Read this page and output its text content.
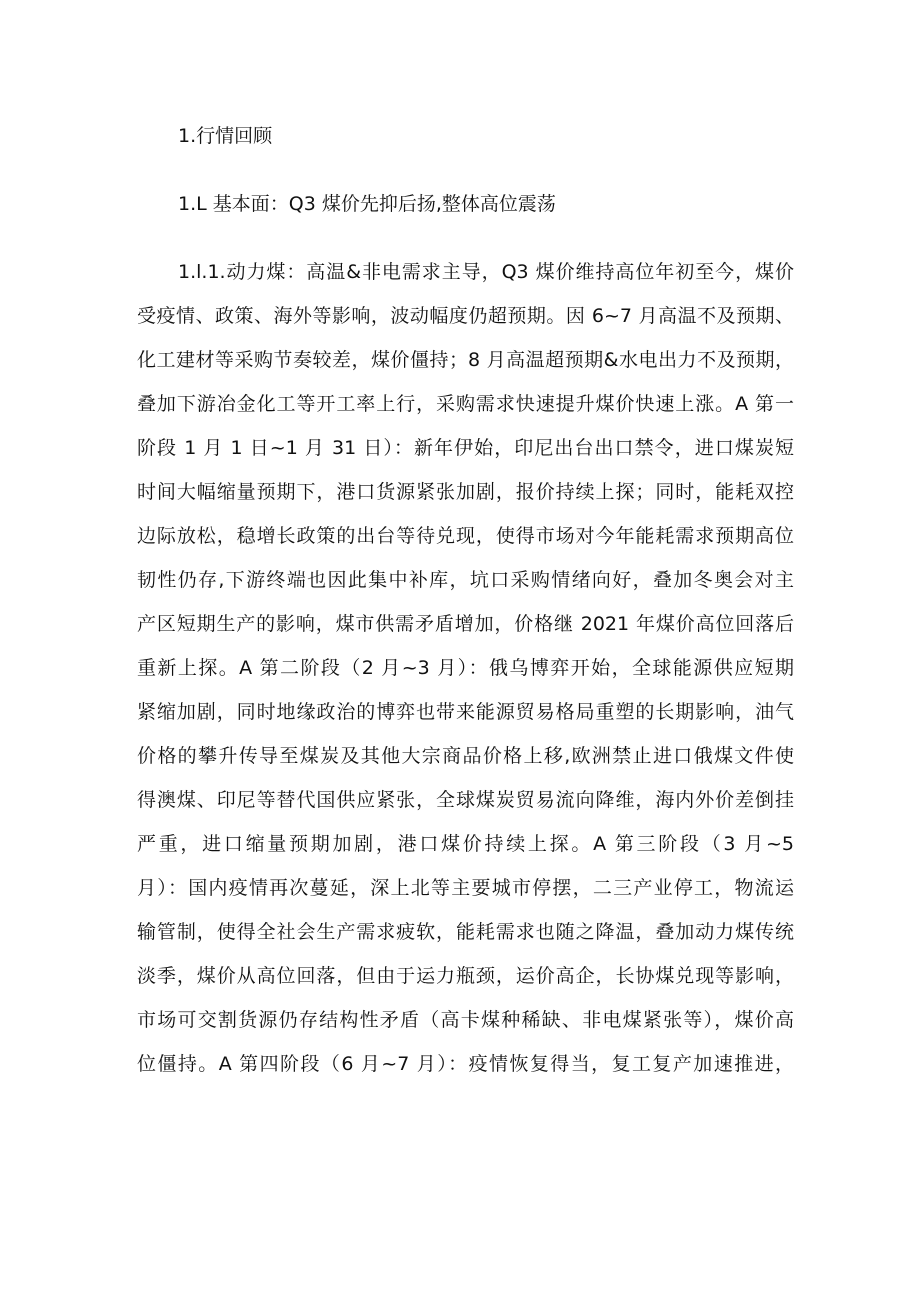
1.行情回顾
1.L 基本面：Q3 煤价先抑后扬,整体高位震荡
1.l.1.动力煤：高温&非电需求主导，Q3 煤价维持高位年初至今，煤价
受疫情、政策、海外等影响，波动幅度仍超预期。因 6~7 月高温不及预期、
化工建材等采购节奏较差，煤价僵持；8 月高温超预期&水电出力不及预期，
叠加下游冶金化工等开工率上行，采购需求快速提升煤价快速上涨。A 第一
阶段 1 月 1 日~1 月 31 日）：新年伊始，印尼出台出口禁令，进口煤炭短
时间大幅缩量预期下，港口货源紧张加剧，报价持续上探；同时，能耗双控
边际放松，稳增长政策的出台等待兑现，使得市场对今年能耗需求预期高位
韧性仍存,下游终端也因此集中补库，坑口采购情绪向好，叠加冬奥会对主
产区短期生产的影响，煤市供需矛盾增加，价格继 2021 年煤价高位回落后
重新上探。A 第二阶段（2 月~3 月）：俄乌博弈开始，全球能源供应短期
紧缩加剧，同时地缘政治的博弈也带来能源贸易格局重塑的长期影响，油气
价格的攀升传导至煤炭及其他大宗商品价格上移,欧洲禁止进口俄煤文件使
得澳煤、印尼等替代国供应紧张，全球煤炭贸易流向降维，海内外价差倒挂
严重，进口缩量预期加剧，港口煤价持续上探。A 第三阶段（3 月~5
月）：国内疫情再次蔓延，深上北等主要城市停摆，二三产业停工，物流运
输管制，使得全社会生产需求疲软，能耗需求也随之降温，叠加动力煤传统
淡季，煤价从高位回落，但由于运力瓶颈，运价高企，长协煤兑现等影响，
市场可交割货源仍存结构性矛盾（高卡煤种稀缺、非电煤紧张等），煤价高
位僵持。A 第四阶段（6 月~7 月）：疫情恢复得当，复工复产加速推进，
